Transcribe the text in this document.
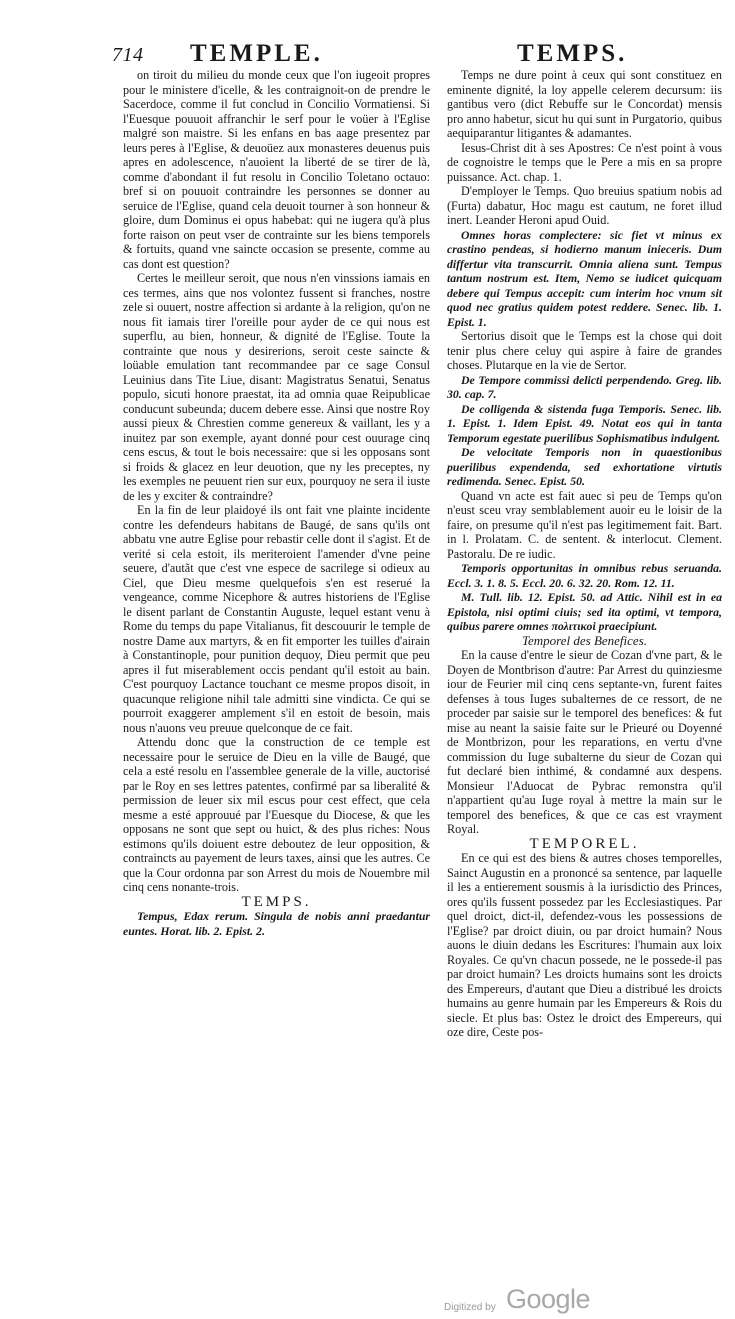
714 TEMPLE.	TEMPS.

on tiroit du milieu du monde ceux que l'on iugeoit propres pour le ministere d'icelle, & les contraignoit-on de prendre le Sacerdoce, comme il fut conclud in Concilio Vormatiensi. Si l'Euesque pouuoit affranchir le serf pour le voüer à l'Eglise malgré son maistre. Si les enfans en bas aage presentez par leurs peres à l'Eglise, & deuoüez aux monasteres deuenus puis apres en adolescence, n'auoient la liberté de se tirer de là, comme d'abondant il fut resolu in Concilio Toletano octauo: bref si on pouuoit contraindre les personnes se donner au seruice de l'Eglise, quand cela deuoit tourner à son honneur & gloire, dum Dominus ei opus habebat: qui ne iugera qu'à plus forte raison on peut vser de contrainte sur les biens temporels & fortuits, quand vne saincte occasion se presente, comme au cas dont est question?

Certes le meilleur seroit, que nous n'en vinssions iamais en ces termes, ains que nos volontez fussent si franches, nostre zele si ouuert, nostre affection si ardante à la religion, qu'on ne nous fit iamais tirer l'oreille pour ayder de ce qui nous est superflu, au bien, honneur, & dignité de l'Eglise. Toute la contrainte que nous y desirerions, seroit ceste saincte & loüable emulation tant recommandee par ce sage Consul Leuinius dans Tite Liue, disant: Magistratus Senatui, Senatus populo, sicuti honore praestat, ita ad omnia quae Reipublicae conducunt subeunda; ducem debere esse. Ainsi que nostre Roy aussi pieux & Chrestien comme genereux & vaillant, les y a inuitez par son exemple, ayant donné pour cest ouurage cinq cens escus, & tout le bois necessaire: que si les opposans sont si froids & glacez en leur deuotion, que ny les preceptes, ny les exemples ne peuuent rien sur eux, pourquoy ne sera il iuste de les y exciter & contraindre?

En la fin de leur plaidoyé ils ont fait vne plainte incidente contre les defendeurs habitans de Baugé, de sans qu'ils ont abbatu vne autre Eglise pour rebastir celle dont il s'agist. Et de verité si cela estoit, ils meriteroient l'amender d'vne peine seuere, d'autãt que c'est vne espece de sacrilege si odieux au Ciel, que Dieu mesme quelquefois s'en est reserué la vengeance, comme Nicephore & autres historiens de l'Eglise le disent parlant de Constantin Auguste, lequel estant venu à Rome du temps du pape Vitalianus, fit descouurir le temple de nostre Dame aux martyrs, & en fit emporter les tuilles d'airain à Constantinople, pour punition dequoy, Dieu permit que peu apres il fut miserablement occis pendant qu'il estoit au bain. C'est pourquoy Lactance touchant ce mesme propos disoit, in quacunque religione nihil tale admitti sine vindicta. Ce qui se pourroit exaggerer amplement s'il en estoit de besoin, mais nous n'auons veu preuue quelconque de ce fait.

Attendu donc que la construction de ce temple est necessaire pour le seruice de Dieu en la ville de Baugé, que cela a esté resolu en l'assemblee generale de la ville, auctorisé par le Roy en ses lettres patentes, confirmé par sa liberalité & permission de leuer six mil escus pour cest effect, que cela mesme a esté approuué par l'Euesque du Diocese, & que les opposans ne sont que sept ou huict, & des plus riches: Nous estimons qu'ils doiuent estre deboutez de leur opposition, & contraincts au payement de leurs taxes, ainsi que les autres. Ce que la Cour ordonna par son Arrest du mois de Nouembre mil cinq cens nonante-trois.

TEMPS.

Tempus, Edax rerum. Singula de nobis anni praedantur euntes. Horat. lib. 2. Epist. 2.

Temps ne dure point à ceux qui sont constituez en eminente dignité, la loy appelle celerem decursum: iis gantibus vero (dict Rebuffe sur le Concordat) mensis pro anno habetur, sicut hu qui sunt in Purgatorio, quibus aequiparantur litigantes & adamantes.

Iesus-Christ dit à ses Apostres: Ce n'est point à vous de cognoistre le temps que le Pere a mis en sa propre puissance. Act. chap. 1.

D'employer le Temps. Quo breuius spatium nobis ad (Furta) dabatur, Hoc magu est cautum, ne foret illud inert. Leander Heroni apud Ouid.

Omnes horas complectere: sic fiet vt minus ex crastino pendeas, si hodierno manum inieceris. Dum differtur vita transcurrit. Omnia aliena sunt. Tempus tantum nostrum est. Item, Nemo se iudicet quicquam debere qui Tempus accepit: cum interim hoc vnum sit quod nec gratius quidem potest reddere. Senec. lib. 1. Epist. 1.

Sertorius disoit que le Temps est la chose qui doit tenir plus chere celuy qui aspire à faire de grandes choses. Plutarque en la vie de Sertor.

De Tempore commissi delicti perpendendo. Greg. lib. 30. cap. 7.

De colligenda & sistenda fuga Temporis. Senec. lib. 1. Epist. 1. Idem Epist. 49. Notat eos qui in tanta Temporum egestate puerilibus Sophismatibus indulgent.

De velocitate Temporis non in quaestionibus puerilibus expendenda, sed exhortatione virtutis redimenda. Senec. Epist. 50.

Quand vn acte est fait auec si peu de Temps qu'on n'eust sceu vray semblablement auoir eu le loisir de la faire, on presume qu'il n'est pas legitimement fait. Bart. in l. Prolatam. C. de sentent. & interlocut. Clement. Pastoralu. De re iudic.

Temporis opportunitas in omnibus rebus seruanda. Eccl. 3. 1. 8. 5. Eccl. 20. 6. 32. 20. Rom. 12. 11.

M. Tull. lib. 12. Epist. 50. ad Attic. Nihil est in ea Epistola, nisi optimi ciuis; sed ita optimi, vt tempora, quibus parere omnes πολιτικοὶ praecipiunt.

Temporel des Benefices.

En la cause d'entre le sieur de Cozan d'vne part, & le Doyen de Montbrison d'autre: Par Arrest du quinziesme iour de Feurier mil cinq cens septante-vn, furent faites defenses à tous Iuges subalternes de ce ressort, de ne proceder par saisie sur le temporel des benefices: & fut mise au neant la saisie faite sur le Prieuré ou Doyenné de Montbrizon, pour les reparations, en vertu d'vne commission du Iuge subalterne du sieur de Cozan qui fut declaré bien inthimé, & condamné aux despens. Monsieur l'Aduocat de Pybrac remonstra qu'il n'appartient qu'au Iuge royal à mettre la main sur le temporel des benefices, & que ce cas est vrayment Royal.

TEMPOREL.

En ce qui est des biens & autres choses temporelles, Sainct Augustin en a prononcé sa sentence, par laquelle il les a entierement sousmis à la iurisdictio des Princes, ores qu'ils fussent possedez par les Ecclesiastiques. Par quel droict, dict-il, defendez-vous les possessions de l'Eglise? par droict diuin, ou par droict humain? Nous auons le diuin dedans les Escritures: l'humain aux loix Royales. Ce qu'vn chacun possede, ne le possede-il pas par droict humain? Les droicts humains sont les droicts des Empereurs, d'autant que Dieu a distribué les droicts humains au genre humain par les Empereurs & Rois du siecle. Et plus bas: Ostez le droict des Empereurs, qui oze dire, Ceste pos-

Digitized by Google
